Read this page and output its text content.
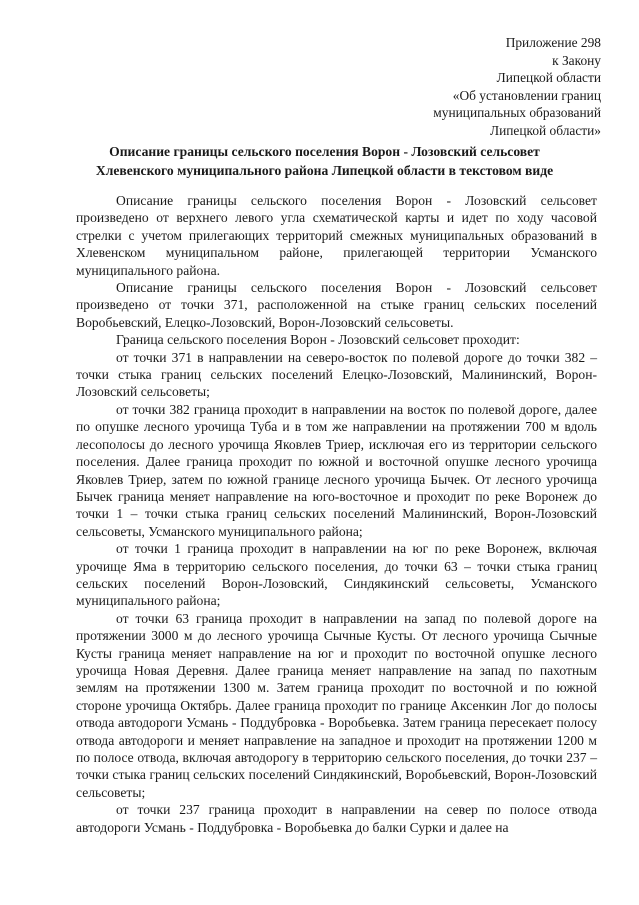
Приложение 298
к Закону
Липецкой области
«Об установлении границ
муниципальных образований
Липецкой области»
Описание границы сельского поселения Ворон - Лозовский сельсовет
Хлевенского муниципального района Липецкой области в текстовом виде

Описание границы сельского поселения Ворон - Лозовский сельсовет произведено от верхнего левого угла схематической карты и идет по ходу часовой стрелки с учетом прилегающих территорий смежных муниципальных образований в Хлевенском муниципальном районе, прилегающей территории Усманского муниципального района.

Описание границы сельского поселения Ворон - Лозовский сельсовет произведено от точки 371, расположенной на стыке границ сельских поселений Воробьевский, Елецко-Лозовский, Ворон-Лозовский сельсоветы.

Граница сельского поселения Ворон - Лозовский сельсовет проходит:

от точки 371 в направлении на северо-восток по полевой дороге до точки 382 – точки стыка границ сельских поселений Елецко-Лозовский, Малининский, Ворон-Лозовский сельсоветы;

от точки 382 граница проходит в направлении на восток по полевой дороге, далее по опушке лесного урочища Туба и в том же направлении на протяжении 700 м вдоль лесополосы до лесного урочища Яковлев Триер, исключая его из территории сельского поселения. Далее граница проходит по южной и восточной опушке лесного урочища Яковлев Триер, затем по южной границе лесного урочища Бычек. От лесного урочища Бычек граница меняет направление на юго-восточное и проходит по реке Воронеж до точки 1 – точки стыка границ сельских поселений Малининский, Ворон-Лозовский сельсоветы, Усманского муниципального района;

от точки 1 граница проходит в направлении на юг по реке Воронеж, включая урочище Яма в территорию сельского поселения, до точки 63 – точки стыка границ сельских поселений Ворон-Лозовский, Синдякинский сельсоветы, Усманского муниципального района;

от точки 63 граница проходит в направлении на запад по полевой дороге на протяжении 3000 м до лесного урочища Сычные Кусты. От лесного урочища Сычные Кусты граница меняет направление на юг и проходит по восточной опушке лесного урочища Новая Деревня. Далее граница меняет направление на запад по пахотным землям на протяжении 1300 м. Затем граница проходит по восточной и по южной стороне урочища Октябрь. Далее граница проходит по границе Аксенкин Лог до полосы отвода автодороги Усмань - Поддубровка - Воробьевка. Затем граница пересекает полосу отвода автодороги и меняет направление на западное и проходит на протяжении 1200 м по полосе отвода, включая автодорогу в территорию сельского поселения, до точки 237 – точки стыка границ сельских поселений Синдякинский, Воробьевский, Ворон-Лозовский сельсоветы;

от точки 237 граница проходит в направлении на север по полосе отвода автодороги Усмань - Поддубровка - Воробьевка до балки Сурки и далее на
